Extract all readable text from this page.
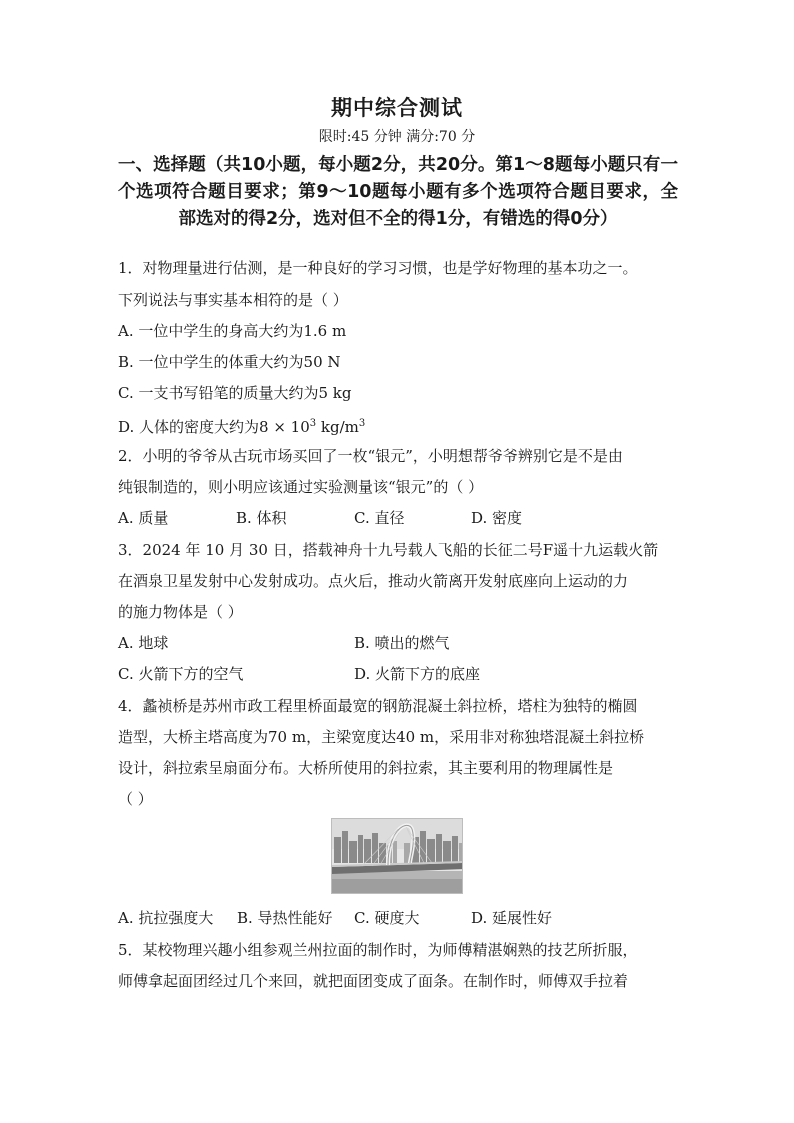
期中综合测试
限时:45 分钟 满分:70 分
一、选择题（共10小题，每小题2分，共20分。第1～8题每小题只有一个选项符合题目要求；第9～10题每小题有多个选项符合题目要求，全部选对的得2分，选对但不全的得1分，有错选的得0分）
1．对物理量进行估测，是一种良好的学习习惯，也是学好物理的基本功之一。
下列说法与事实基本相符的是（ ）
A. 一位中学生的身高大约为1.6 m
B. 一位中学生的体重大约为50 N
C. 一支书写铅笔的质量大约为5 kg
D. 人体的密度大约为$8 \times 10^3$ $kg/m^3$
2．小明的爷爷从古玩市场买回了一枚“银元”，小明想帮爷爷辨别它是不是由
纯银制造的，则小明应该通过实验测量该“银元”的（ ）
A. 质量	B. 体积	C. 直径	D. 密度
3．2024 年 10 月 30 日，搭载神舟十九号载人飞船的长征二号F遥十九运载火箭
在酒泉卫星发射中心发射成功。点火后，推动火箭离开发射底座向上运动的力
的施力物体是（ ）
A. 地球	B. 喷出的燃气
C. 火箭下方的空气	D. 火箭下方的底座
4．蠡祯桥是苏州市政工程里桥面最宽的钢筋混凝土斜拉桥，塔柱为独特的椭圆
造型，大桥主塔高度为70 m，主梁宽度达40 m，采用非对称独塔混凝土斜拉桥
设计，斜拉索呈扇面分布。大桥所使用的斜拉索，其主要利用的物理属性是
（ ）
A. 抗拉强度大 B. 导热性能好 C. 硬度大	D. 延展性好
5．某校物理兴趣小组参观兰州拉面的制作时，为师傅精湛娴熟的技艺所折服，
师傅拿起面团经过几个来回，就把面团变成了面条。在制作时，师傅双手拉着
